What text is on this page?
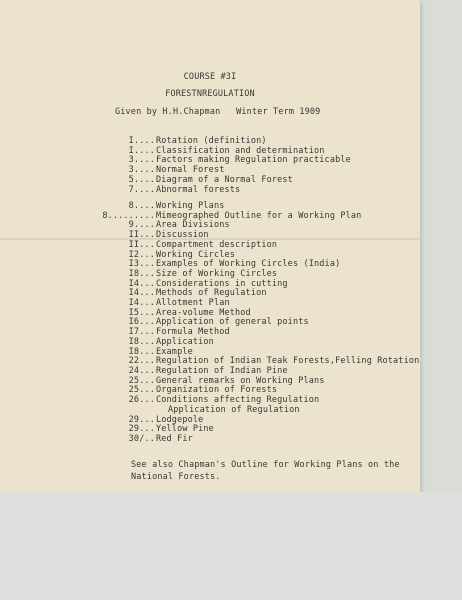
COURSE #3I
FORESTNREGULATION
Given by H.H.Chapman   Winter Term 1909
I.... Rotation (definition)
I.... Classification and determination
3.... Factors making Regulation practicable
3.... Normal Forest
5.... Diagram of a Normal Forest
7.... Abnormal forests
8.... Working Plans
8......... Mimeographed Outline for a Working Plan
9.... Area Divisions
II... Discussion
II... Compartment description
I2... Working Circles
I3... Examples of Working Circles (India)
I8... Size of Working Circles
I4... Considerations in cutting
I4... Methods of Regulation
I4... Allotment Plan
I5... Area-volume Method
I6... Application of general points
I7... Formula Method
I8... Application
I8... Example
22... Regulation of Indian Teak Forests,Felling Rotation
24... Regulation of Indian Pine
25... General remarks on Working Plans
25... Organization of Forests
26... Conditions affecting Regulation
Application of Regulation
29... Lodgepole
29... Yellow Pine
30/.. Red Fir
See also Chapman's Outline for Working Plans on the
National Forests.
